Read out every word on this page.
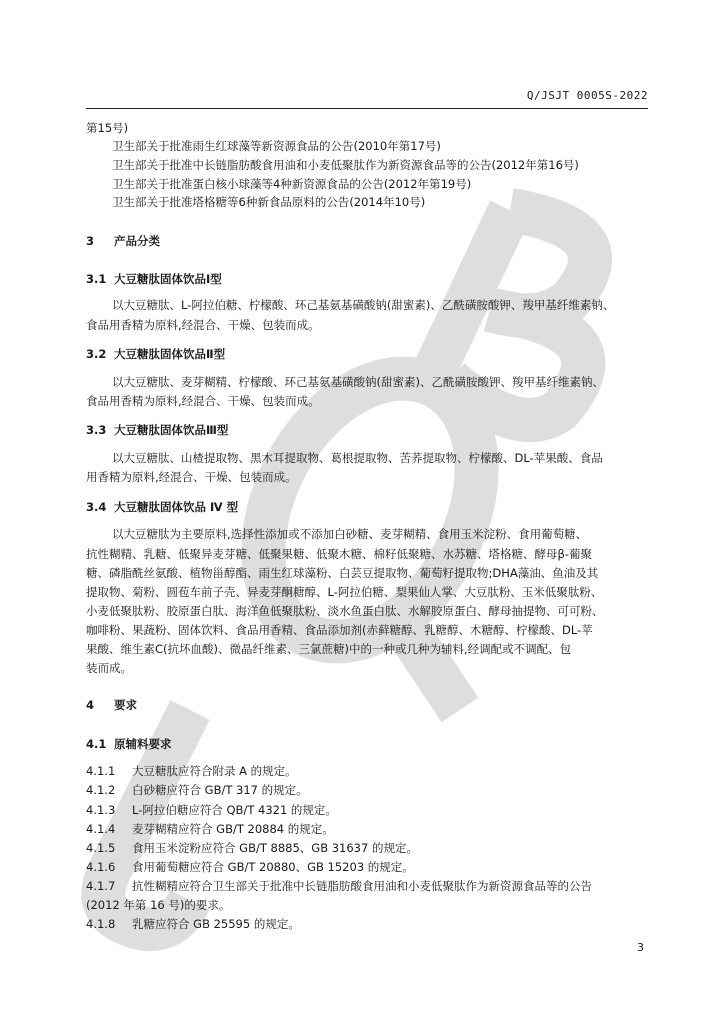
Q/JSJT 0005S-2022
第15号)
卫生部关于批准雨生红球藻等新资源食品的公告(2010年第17号)
卫生部关于批准中长链脂肪酸食用油和小麦低聚肽作为新资源食品等的公告(2012年第16号)
卫生部关于批准蛋白核小球藻等4种新资源食品的公告(2012年第19号)
卫生部关于批准塔格糖等6种新食品原料的公告(2014年10号)
3 产品分类
3.1 大豆糖肽固体饮品Ⅰ型
以大豆糖肽、L-阿拉伯糖、柠檬酸、环己基氨基磺酸钠(甜蜜素)、乙酰磺胺酸钾、羧甲基纤维素钠、
食品用香精为原料,经混合、干燥、包装而成。
3.2 大豆糖肽固体饮品Ⅱ型
以大豆糖肽、麦芽糊精、柠檬酸、环己基氨基磺酸钠(甜蜜素)、乙酰磺胺酸钾、羧甲基纤维素钠、
食品用香精为原料,经混合、干燥、包装而成。
3.3 大豆糖肽固体饮品Ⅲ型
以大豆糖肽、山楂提取物、黑木耳提取物、葛根提取物、苦荞提取物、柠檬酸、DL-苹果酸、食品
用香精为原料,经混合、干燥、包装而成。
3.4 大豆糖肽固体饮品 Ⅳ 型
以大豆糖肽为主要原料,选择性添加或不添加白砂糖、麦芽糊精、食用玉米淀粉、食用葡萄糖、
抗性糊精、乳糖、低聚异麦芽糖、低聚果糖、低聚木糖、棉籽低聚糖、水苏糖、塔格糖、酵母β-葡聚
糖、磷脂酰丝氨酸、植物甾醇酯、雨生红球藻粉、白芸豆提取物、葡萄籽提取物;DHA藻油、鱼油及其
提取物、菊粉、圆苞车前子壳、异麦芽酮糖醇、L-阿拉伯糖、梨果仙人掌、大豆肽粉、玉米低聚肽粉、
小麦低聚肽粉、胶原蛋白肽、海洋鱼低聚肽粉、淡水鱼蛋白肽、水解胶原蛋白、酵母抽提物、可可粉、
咖啡粉、果蔬粉、固体饮料、食品用香精、食品添加剂(赤藓糖醇、乳糖醇、木糖醇、柠檬酸、DL-苹
果酸、维生素C(抗坏血酸)、微晶纤维素、三氯蔗糖)中的一种或几种为辅料,经调配或不调配、包
装而成。
4 要求
4.1 原辅料要求
4.1.1 大豆糖肽应符合附录 A 的规定。
4.1.2 白砂糖应符合 GB/T 317 的规定。
4.1.3 L-阿拉伯糖应符合 QB/T 4321 的规定。
4.1.4 麦芽糊精应符合 GB/T 20884 的规定。
4.1.5 食用玉米淀粉应符合 GB/T 8885、GB 31637 的规定。
4.1.6 食用葡萄糖应符合 GB/T 20880、GB 15203 的规定。
4.1.7 抗性糊精应符合卫生部关于批准中长链脂肪酸食用油和小麦低聚肽作为新资源食品等的公告
(2012 年第 16 号)的要求。
4.1.8 乳糖应符合 GB 25595 的规定。
3
